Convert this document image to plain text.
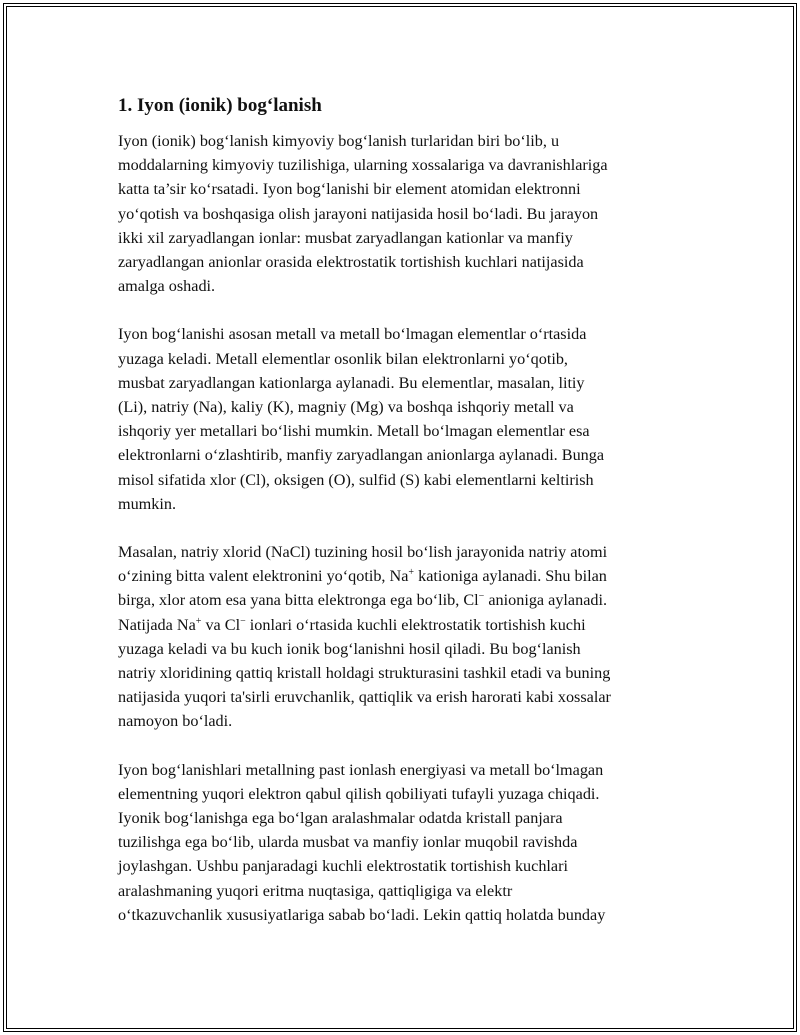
1. Iyon (ionik) bog‘lanish
Iyon (ionik) bog‘lanish kimyoviy bog‘lanish turlaridan biri bo‘lib, u
moddalarning kimyoviy tuzilishiga, ularning xossalariga va davranishlariga
katta ta’sir ko‘rsatadi. Iyon bog‘lanishi bir element atomidan elektronni
yo‘qotish va boshqasiga olish jarayoni natijasida hosil bo‘ladi. Bu jarayon
ikki xil zaryadlangan ionlar: musbat zaryadlangan kationlar va manfiy
zaryadlangan anionlar orasida elektrostatik tortishish kuchlari natijasida
amalga oshadi.
Iyon bog‘lanishi asosan metall va metall bo‘lmagan elementlar o‘rtasida
yuzaga keladi. Metall elementlar osonlik bilan elektronlarni yo‘qotib,
musbat zaryadlangan kationlarga aylanadi. Bu elementlar, masalan, litiy
(Li), natriy (Na), kaliy (K), magniy (Mg) va boshqa ishqoriy metall va
ishqoriy yer metallari bo‘lishi mumkin. Metall bo‘lmagan elementlar esa
elektronlarni o‘zlashtirib, manfiy zaryadlangan anionlarga aylanadi. Bunga
misol sifatida xlor (Cl), oksigen (O), sulfid (S) kabi elementlarni keltirish
mumkin.
Masalan, natriy xlorid (NaCl) tuzining hosil bo‘lish jarayonida natriy atomi
o‘zining bitta valent elektronini yo‘qotib, Na+ kationiga aylanadi. Shu bilan
birga, xlor atom esa yana bitta elektronga ega bo‘lib, Cl− anioniga aylanadi.
Natijada Na+ va Cl− ionlari o‘rtasida kuchli elektrostatik tortishish kuchi
yuzaga keladi va bu kuch ionik bog‘lanishni hosil qiladi. Bu bog‘lanish
natriy xloridining qattiq kristall holdagi strukturasini tashkil etadi va buning
natijasida yuqori ta'sirli eruvchanlik, qattiqlik va erish harorati kabi xossalar
namoyon bo‘ladi.
Iyon bog‘lanishlari metallning past ionlash energiyasi va metall bo‘lmagan
elementning yuqori elektron qabul qilish qobiliyati tufayli yuzaga chiqadi.
Iyonik bog‘lanishga ega bo‘lgan aralashmalar odatda kristall panjara
tuzilishga ega bo‘lib, ularda musbat va manfiy ionlar muqobil ravishda
joylashgan. Ushbu panjaradagi kuchli elektrostatik tortishish kuchlari
aralashmaning yuqori eritma nuqtasiga, qattiqligiga va elektr
o‘tkazuvchanlik xususiyatlariga sabab bo‘ladi. Lekin qattiq holatda bunday
